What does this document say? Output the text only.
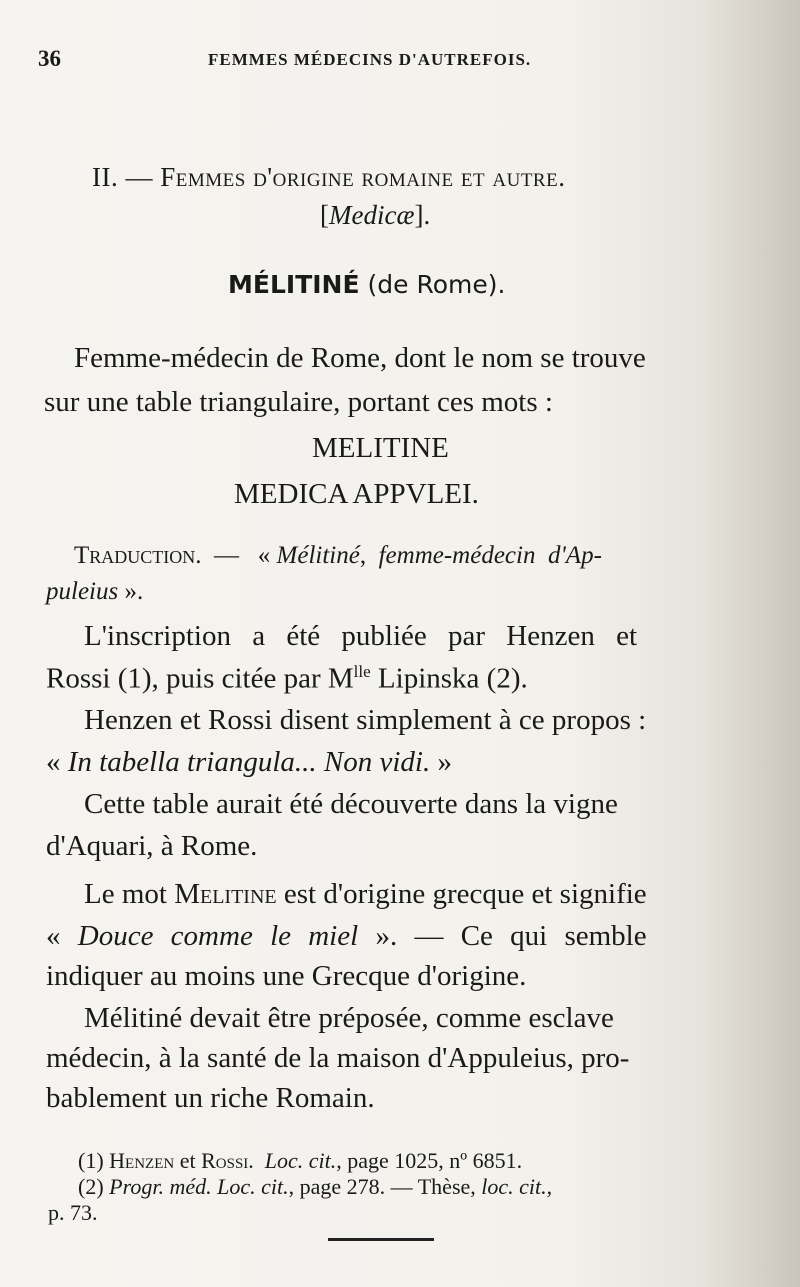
36	FEMMES MÉDECINS D'AUTREFOIS.
II. — Femmes d'origine romaine et autre.
[Medicæ].
MÉLITINÉ (de Rome).
Femme-médecin de Rome, dont le nom se trouve
sur une table triangulaire, portant ces mots :
MELITINE
MEDICA APPVLEI.
Traduction.  —   « Mélitiné,  femme-médecin  d'Ap-
puleius ».
L'inscription a été publiée par Henzen et
Rossi (1), puis citée par $M^{lle}$ Lipinska (2).
Henzen et Rossi disent simplement à ce propos :
« In tabella triangula... Non vidi. »
Cette table aurait été découverte dans la vigne
d'Aquari, à Rome.
Le mot Melitine est d'origine grecque et signifie
« Douce comme le miel ». — Ce qui semble
indiquer au moins une Grecque d'origine.
Mélitiné devait être préposée, comme esclave
médecin, à la santé de la maison d'Appuleius, pro-
bablement un riche Romain.
(1) Henzen et Rossi.  Loc. cit., page 1025, nº 6851.
(2) Progr. méd. Loc. cit., page 278. — Thèse, loc. cit.,
p. 73.
